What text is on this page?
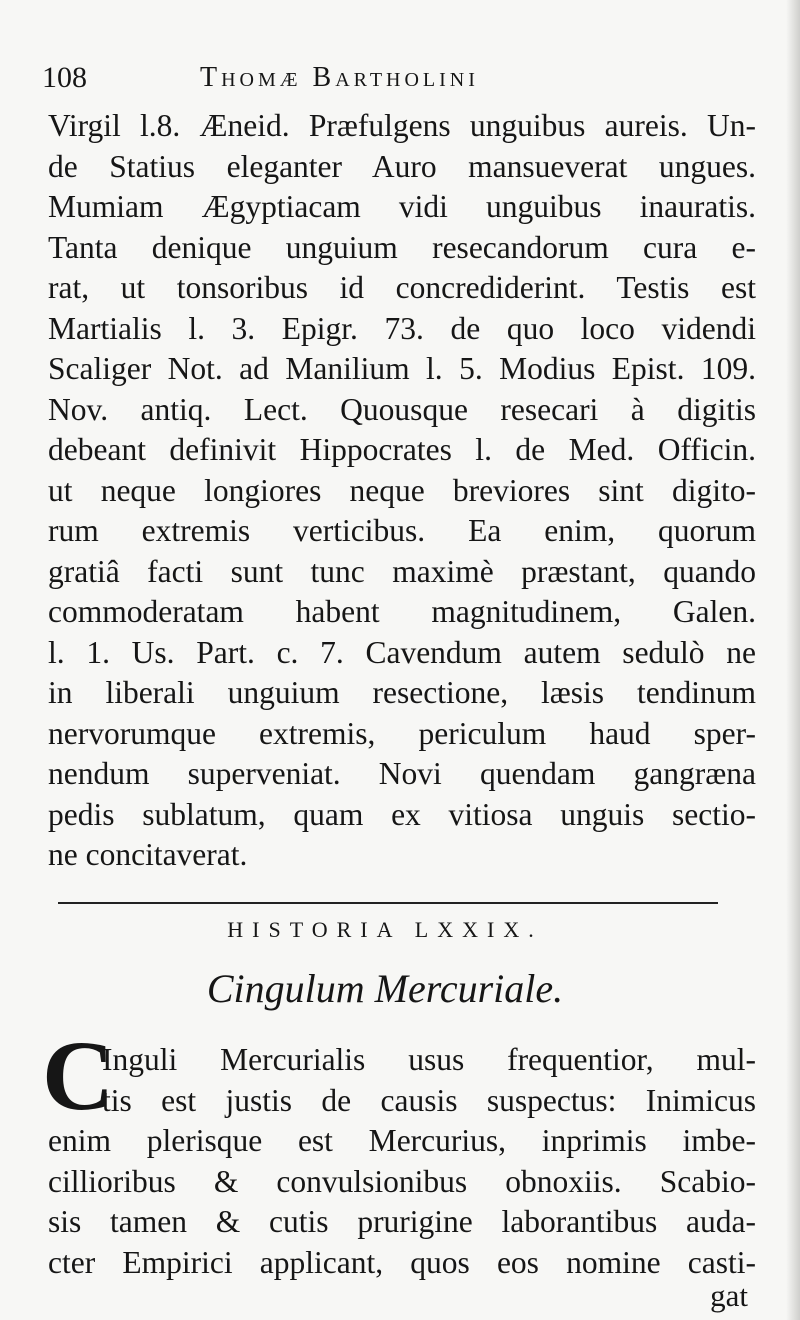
108	Thomæ Bartholini
Virgil l.8. Æneid. Præfulgens unguibus aureis. Un-
de Statius eleganter Auro mansueverat ungues.
Mumiam Ægyptiacam vidi unguibus inauratis.
Tanta denique unguium resecandorum cura e-
rat, ut tonsoribus id concrediderint. Testis est
Martialis l. 3. Epigr. 73. de quo loco videndi
Scaliger Not. ad Manilium l. 5. Modius Epist. 109.
Nov. antiq. Lect. Quousque resecari à digitis
debeant definivit Hippocrates l. de Med. Officin.
ut neque longiores neque breviores sint digito-
rum extremis verticibus. Ea enim, quorum
gratiâ facti sunt tunc maximè præstant, quando
commoderatam habent magnitudinem, Galen.
l. 1. Us. Part. c. 7. Cavendum autem sedulò ne
in liberali unguium resectione, læsis tendinum
nervorumque extremis, periculum haud sper-
nendum superveniat. Novi quendam gangræna
pedis sublatum, quam ex vitiosa unguis sectio-
ne concitaverat.
HISTORIA LXXIX.
Cingulum Mercuriale.
C
Inguli Mercurialis usus frequentior, mul-
tis est justis de causis suspectus: Inimicus
enim plerisque est Mercurius, inprimis imbe-
cillioribus & convulsionibus obnoxiis. Scabio-
sis tamen & cutis prurigine laborantibus auda-
cter Empirici applicant, quos eos nomine casti-
gat
